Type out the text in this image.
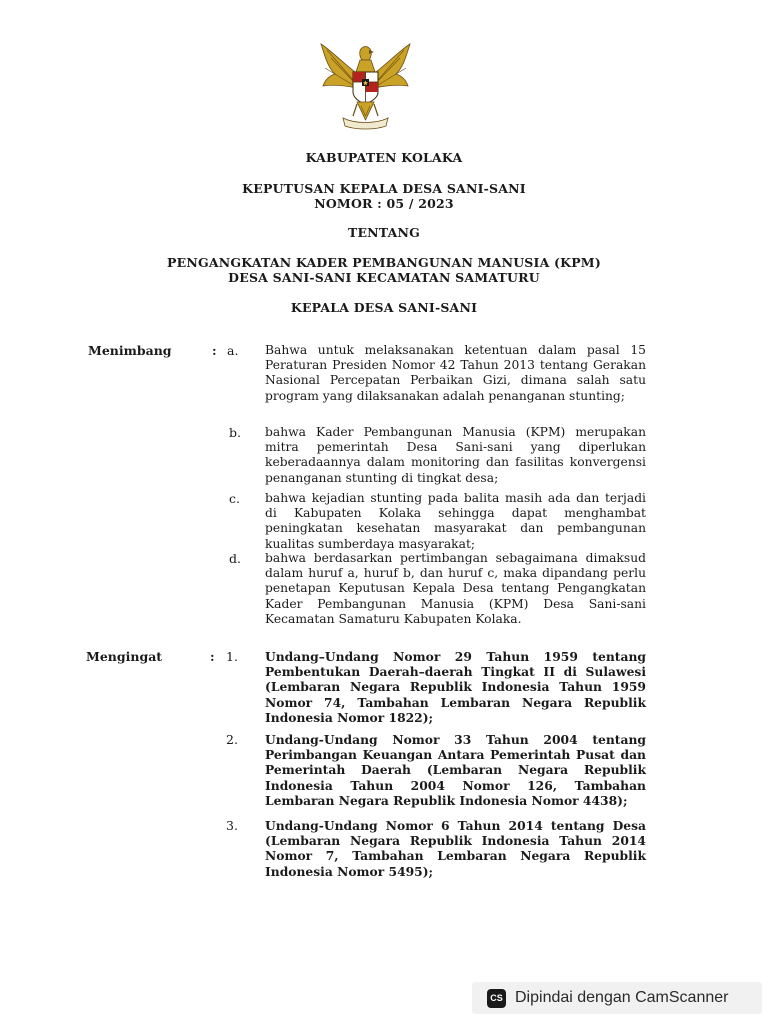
KABUPATEN KOLAKA
KEPUTUSAN KEPALA DESA SANI-SANI
NOMOR : 05 / 2023
TENTANG
PENGANGKATAN KADER PEMBANGUNAN MANUSIA (KPM)
DESA SANI-SANI KECAMATAN SAMATURU
KEPALA DESA SANI-SANI
Menimbang	: a. Bahwa untuk melaksanakan ketentuan dalam pasal 15 Peraturan Presiden Nomor 42 Tahun 2013 tentang Gerakan Nasional Percepatan Perbaikan Gizi, dimana salah satu program yang dilaksanakan adalah penanganan stunting;
b. bahwa Kader Pembangunan Manusia (KPM) merupakan mitra pemerintah Desa Sani-sani yang diperlukan keberadaannya dalam monitoring dan fasilitas konvergensi penanganan stunting di tingkat desa;
c. bahwa kejadian stunting pada balita masih ada dan terjadi di Kabupaten Kolaka sehingga dapat menghambat peningkatan kesehatan masyarakat dan pembangunan kualitas sumberdaya masyarakat;
d. bahwa berdasarkan pertimbangan sebagaimana dimaksud dalam huruf a, huruf b, dan huruf c, maka dipandang perlu penetapan Keputusan Kepala Desa tentang Pengangkatan Kader Pembangunan Manusia (KPM) Desa Sani-sani Kecamatan Samaturu Kabupaten Kolaka.
Mengingat	: 1. Undang–Undang Nomor 29 Tahun 1959 tentang Pembentukan Daerah–daerah Tingkat II di Sulawesi (Lembaran Negara Republik Indonesia Tahun 1959 Nomor 74, Tambahan Lembaran Negara Republik Indonesia Nomor 1822);
2. Undang-Undang Nomor 33 Tahun 2004 tentang Perimbangan Keuangan Antara Pemerintah Pusat dan Pemerintah Daerah (Lembaran Negara Republik Indonesia Tahun 2004 Nomor 126, Tambahan Lembaran Negara Republik Indonesia Nomor 4438);
3. Undang-Undang Nomor 6 Tahun 2014 tentang Desa (Lembaran Negara Republik Indonesia Tahun 2014 Nomor 7, Tambahan Lembaran Negara Republik Indonesia Nomor 5495);
CS Dipindai dengan CamScanner
